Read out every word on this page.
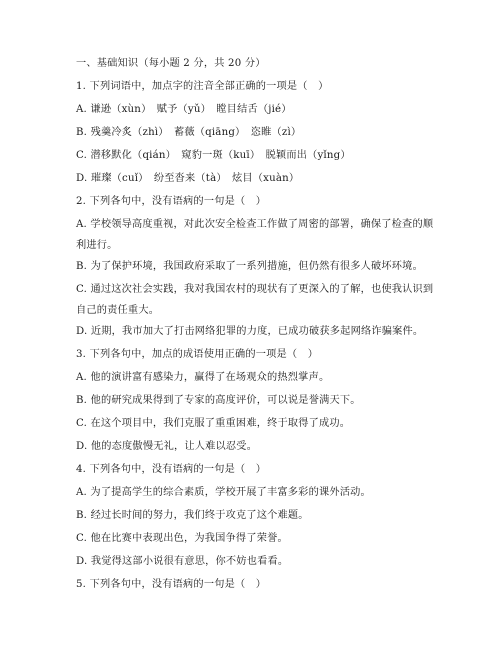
一、基础知识（每小题 2 分，共 20 分）
1. 下列词语中，加点字的注音全部正确的一项是（　）
A. 谦逊（xùn）　赋予（yǔ）　瞠目结舌（jié）
B. 残羹冷炙（zhì）　蓄薇（qiāng）　恣睢（zì）
C. 潜移默化（qián）　窥豹一斑（kuī）　脱颖而出（yǐng）
D. 璀璨（cuǐ）　纷至沓来（tà）　炫目（xuàn）
2. 下列各句中，没有语病的一句是（　）
A. 学校领导高度重视，对此次安全检查工作做了周密的部署，确保了检查的顺利进行。
B. 为了保护环境，我国政府采取了一系列措施，但仍然有很多人破坏环境。
C. 通过这次社会实践，我对我国农村的现状有了更深入的了解，也使我认识到自己的责任重大。
D. 近期，我市加大了打击网络犯罪的力度，已成功破获多起网络诈骗案件。
3. 下列各句中，加点的成语使用正确的一项是（　）
A. 他的演讲富有感染力，赢得了在场观众的热烈掌声。
B. 他的研究成果得到了专家的高度评价，可以说是誉满天下。
C. 在这个项目中，我们克服了重重困难，终于取得了成功。
D. 他的态度傲慢无礼，让人难以忍受。
4. 下列各句中，没有语病的一句是（　）
A. 为了提高学生的综合素质，学校开展了丰富多彩的课外活动。
B. 经过长时间的努力，我们终于攻克了这个难题。
C. 他在比赛中表现出色，为我国争得了荣誉。
D. 我觉得这部小说很有意思，你不妨也看看。
5. 下列各句中，没有语病的一句是（　）
